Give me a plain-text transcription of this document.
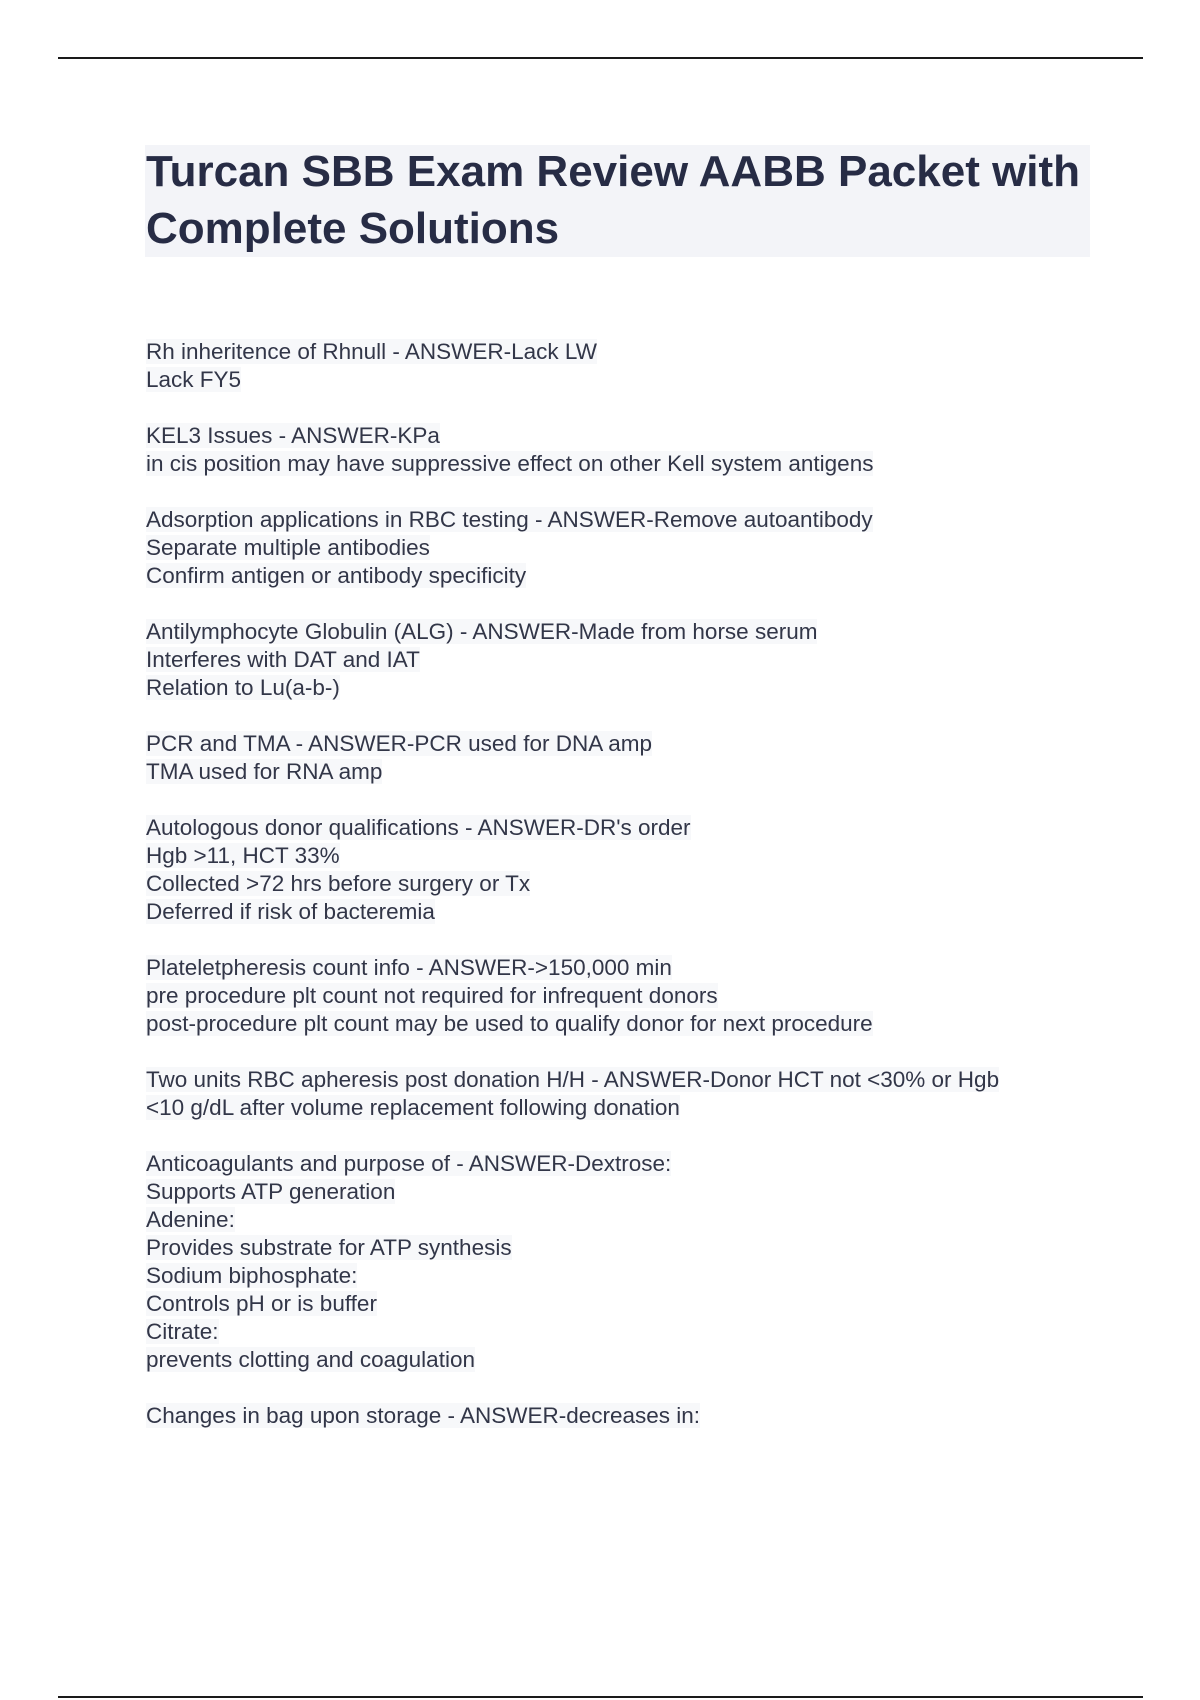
Turcan SBB Exam Review AABB Packet with Complete Solutions
Rh inheritence of Rhnull - ANSWER-Lack LW
Lack FY5
KEL3 Issues - ANSWER-KPa
in cis position may have suppressive effect on other Kell system antigens
Adsorption applications in RBC testing - ANSWER-Remove autoantibody
Separate multiple antibodies
Confirm antigen or antibody specificity
Antilymphocyte Globulin (ALG) - ANSWER-Made from horse serum
Interferes with DAT and IAT
Relation to Lu(a-b-)
PCR and TMA - ANSWER-PCR used for DNA amp
TMA used for RNA amp
Autologous donor qualifications - ANSWER-DR's order
Hgb >11, HCT 33%
Collected >72 hrs before surgery or Tx
Deferred if risk of bacteremia
Plateletpheresis count info - ANSWER->150,000 min
pre procedure plt count not required for infrequent donors
post-procedure plt count may be used to qualify donor for next procedure
Two units RBC apheresis post donation H/H - ANSWER-Donor HCT not <30% or Hgb
<10 g/dL after volume replacement following donation
Anticoagulants and purpose of - ANSWER-Dextrose:
Supports ATP generation
Adenine:
Provides substrate for ATP synthesis
Sodium biphosphate:
Controls pH or is buffer
Citrate:
prevents clotting and coagulation
Changes in bag upon storage - ANSWER-decreases in:
